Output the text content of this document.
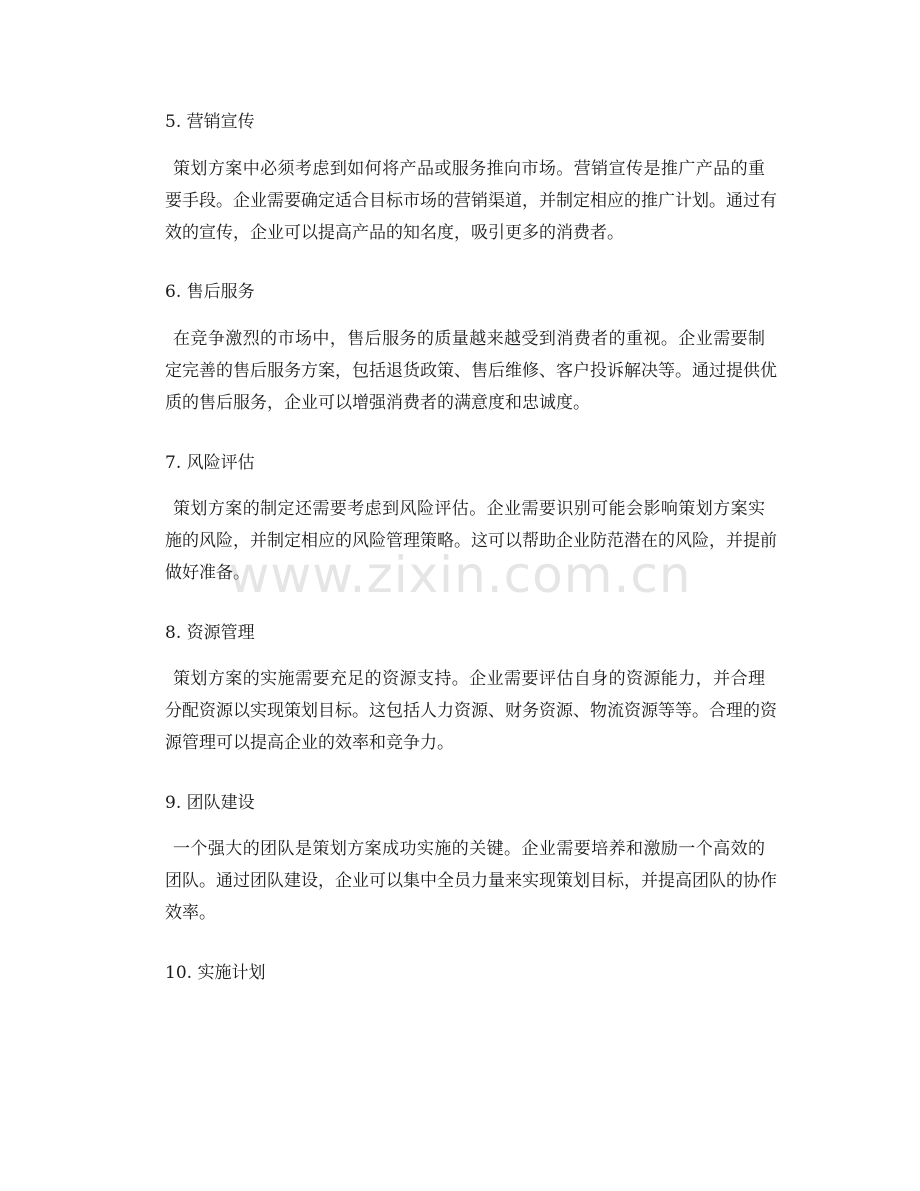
5. 营销宣传

策划方案中必须考虑到如何将产品或服务推向市场。营销宣传是推广产品的重
要手段。企业需要确定适合目标市场的营销渠道，并制定相应的推广计划。通过有
效的宣传，企业可以提高产品的知名度，吸引更多的消费者。

6. 售后服务

在竞争激烈的市场中，售后服务的质量越来越受到消费者的重视。企业需要制
定完善的售后服务方案，包括退货政策、售后维修、客户投诉解决等。通过提供优
质的售后服务，企业可以增强消费者的满意度和忠诚度。

7. 风险评估

策划方案的制定还需要考虑到风险评估。企业需要识别可能会影响策划方案实
施的风险，并制定相应的风险管理策略。这可以帮助企业防范潜在的风险，并提前
做好准备。

8. 资源管理

策划方案的实施需要充足的资源支持。企业需要评估自身的资源能力，并合理
分配资源以实现策划目标。这包括人力资源、财务资源、物流资源等等。合理的资
源管理可以提高企业的效率和竞争力。

9. 团队建设

一个强大的团队是策划方案成功实施的关键。企业需要培养和激励一个高效的
团队。通过团队建设，企业可以集中全员力量来实现策划目标，并提高团队的协作
效率。

10. 实施计划
www.zixin.com.cn
